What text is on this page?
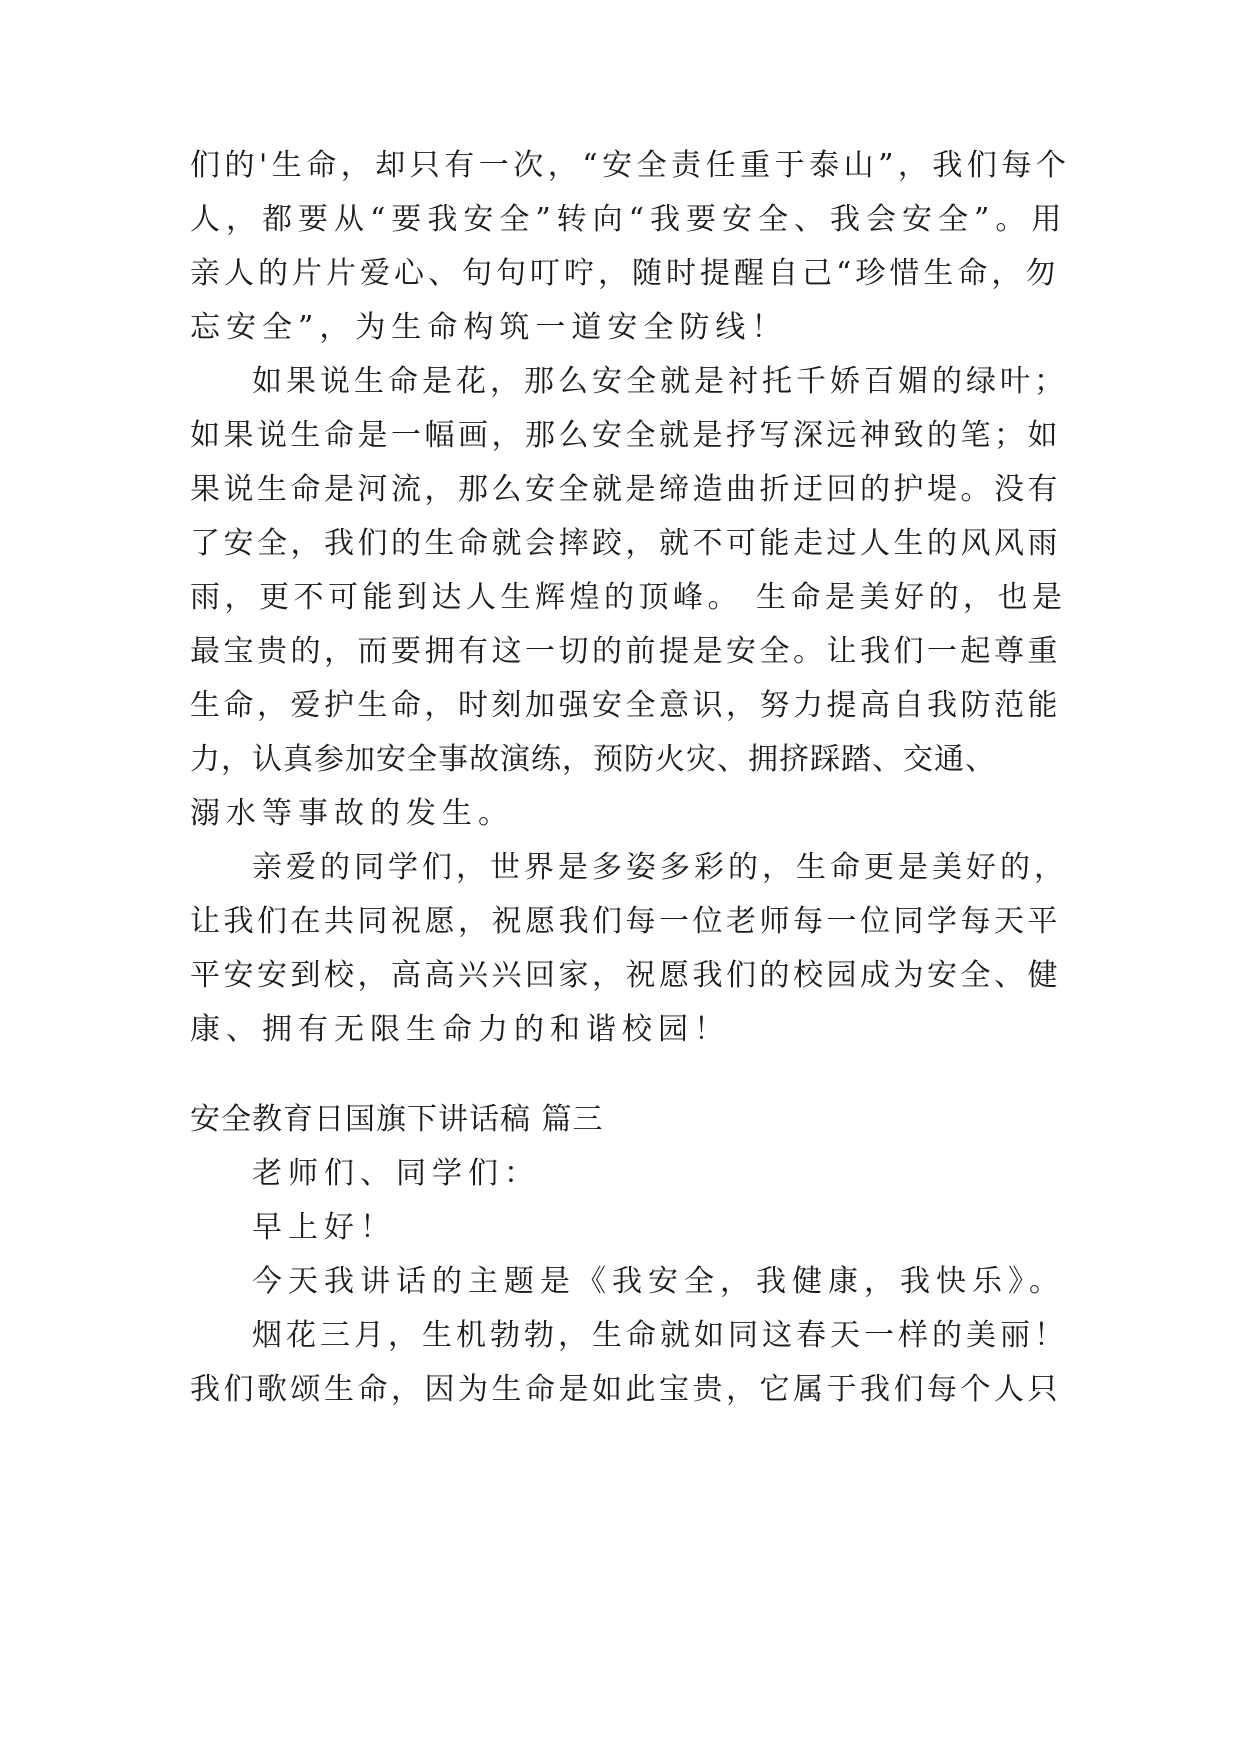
们的'生命，却只有一次，“安全责任重于泰山”，我们每个
人，都要从“要我安全”转向“我要安全、我会安全”。用
亲人的片片爱心、句句叮咛，随时提醒自己“珍惜生命，勿
忘安全”，为生命构筑一道安全防线！
如果说生命是花，那么安全就是衬托千娇百媚的绿叶；
如果说生命是一幅画，那么安全就是抒写深远神致的笔；如
果说生命是河流，那么安全就是缔造曲折迂回的护堤。没有
了安全，我们的生命就会摔跤，就不可能走过人生的风风雨
雨，更不可能到达人生辉煌的顶峰。 生命是美好的，也是
最宝贵的，而要拥有这一切的前提是安全。让我们一起尊重
生命，爱护生命，时刻加强安全意识，努力提高自我防范能
力，认真参加安全事故演练，预防火灾、拥挤踩踏、交通、
溺水等事故的发生。
亲爱的同学们，世界是多姿多彩的，生命更是美好的，
让我们在共同祝愿，祝愿我们每一位老师每一位同学每天平
平安安到校，高高兴兴回家，祝愿我们的校园成为安全、健
康、拥有无限生命力的和谐校园！
安全教育日国旗下讲话稿 篇三
老师们、同学们：
早上好！
今天我讲话的主题是《我安全，我健康，我快乐》。
烟花三月，生机勃勃，生命就如同这春天一样的美丽！
我们歌颂生命，因为生命是如此宝贵，它属于我们每个人只
